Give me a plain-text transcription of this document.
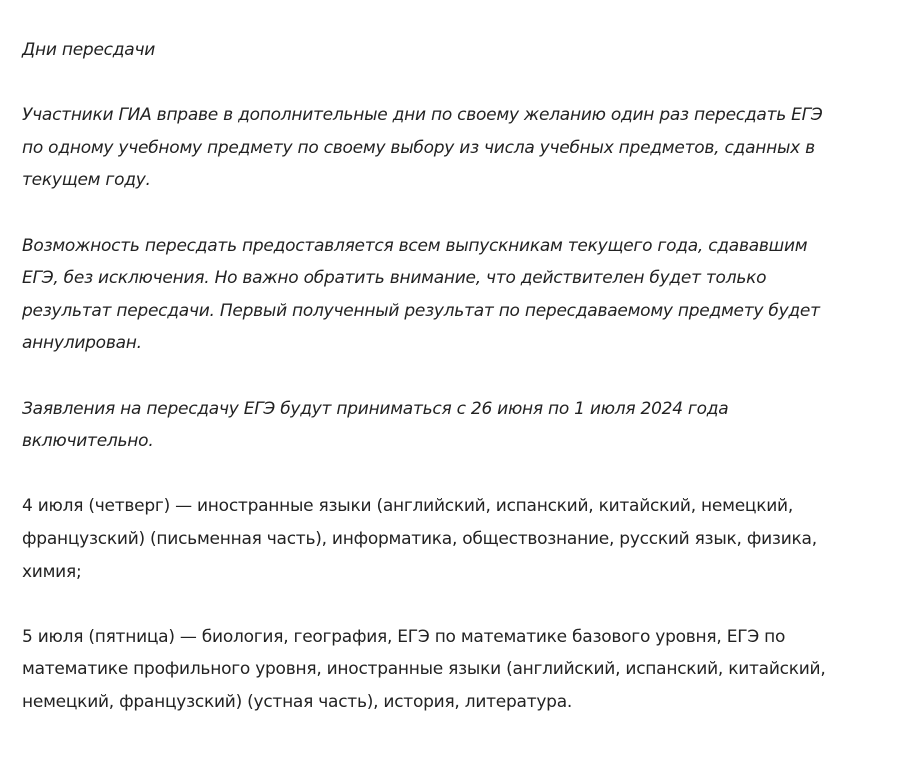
Дни пересдачи

Участники ГИА вправе в дополнительные дни по своему желанию один раз пересдать ЕГЭ
по одному учебному предмету по своему выбору из числа учебных предметов, сданных в
текущем году.

Возможность пересдать предоставляется всем выпускникам текущего года, сдававшим
ЕГЭ, без исключения. Но важно обратить внимание, что действителен будет только
результат пересдачи. Первый полученный результат по пересдаваемому предмету будет
аннулирован.

Заявления на пересдачу ЕГЭ будут приниматься с 26 июня по 1 июля 2024 года
включительно.

4 июля (четверг) — иностранные языки (английский, испанский, китайский, немецкий,
французский) (письменная часть), информатика, обществознание, русский язык, физика,
химия;

5 июля (пятница) — биология, география, ЕГЭ по математике базового уровня, ЕГЭ по
математике профильного уровня, иностранные языки (английский, испанский, китайский,
немецкий, французский) (устная часть), история, литература.
